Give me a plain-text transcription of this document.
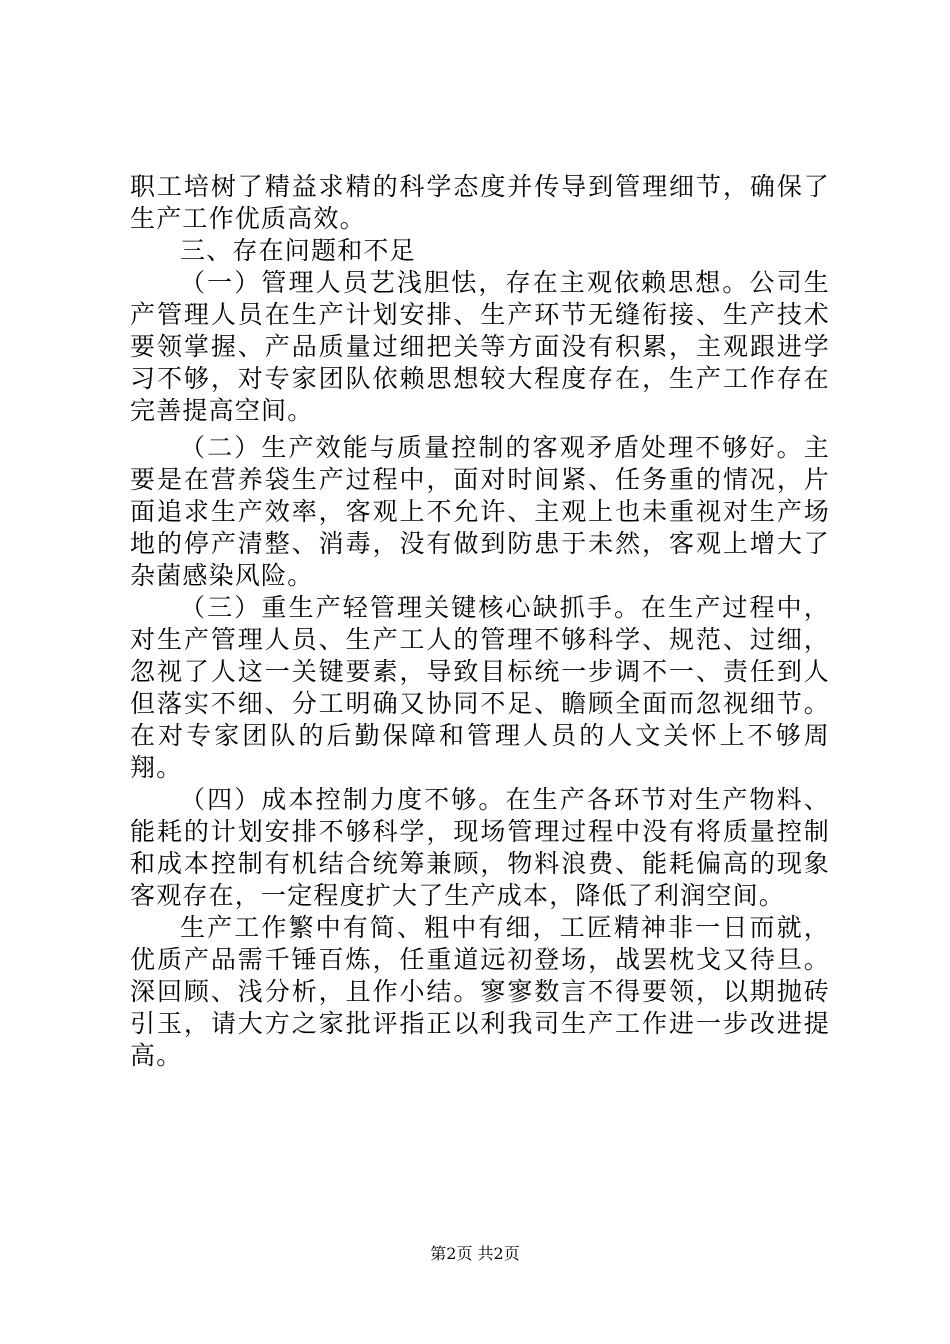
职工培树了精益求精的科学态度并传导到管理细节，确保了生产工作优质高效。

三、存在问题和不足

（一）管理人员艺浅胆怯，存在主观依赖思想。公司生产管理人员在生产计划安排、生产环节无缝衔接、生产技术要领掌握、产品质量过细把关等方面没有积累，主观跟进学习不够，对专家团队依赖思想较大程度存在，生产工作存在完善提高空间。

（二）生产效能与质量控制的客观矛盾处理不够好。主要是在营养袋生产过程中，面对时间紧、任务重的情况，片面追求生产效率，客观上不允许、主观上也未重视对生产场地的停产清整、消毒，没有做到防患于未然，客观上增大了杂菌感染风险。

（三）重生产轻管理关键核心缺抓手。在生产过程中，对生产管理人员、生产工人的管理不够科学、规范、过细，忽视了人这一关键要素，导致目标统一步调不一、责任到人但落实不细、分工明确又协同不足、瞻顾全面而忽视细节。在对专家团队的后勤保障和管理人员的人文关怀上不够周翔。

（四）成本控制力度不够。在生产各环节对生产物料、能耗的计划安排不够科学，现场管理过程中没有将质量控制和成本控制有机结合统筹兼顾，物料浪费、能耗偏高的现象客观存在，一定程度扩大了生产成本，降低了利润空间。

生产工作繁中有简、粗中有细，工匠精神非一日而就，优质产品需千锤百炼，任重道远初登场，战罢枕戈又待旦。深回顾、浅分析，且作小结。寥寥数言不得要领，以期抛砖引玉，请大方之家批评指正以利我司生产工作进一步改进提高。

第2页 共2页
